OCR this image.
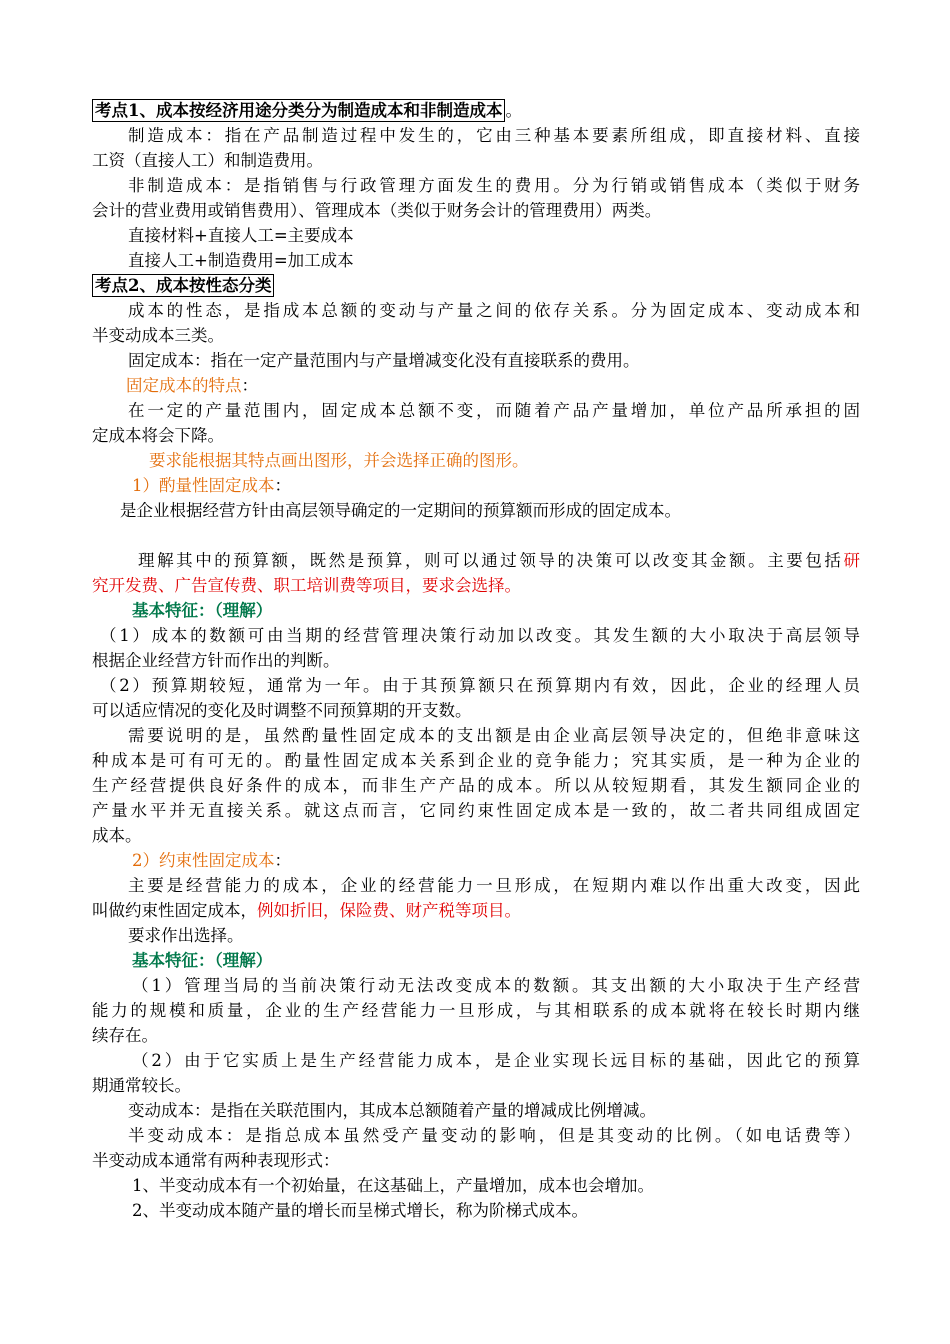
考点1、成本按经济用途分类分为制造成本和非制造成本 。
制造成本：指在产品制造过程中发生的，它由三种基本要素所组成，即直接材料、直接
工资（直接人工）和制造费用。
非制造成本：是指销售与行政管理方面发生的费用。分为行销或销售成本（类似于财务
会计的营业费用或销售费用）、管理成本（类似于财务会计的管理费用）两类。
直接材料+直接人工=主要成本
直接人工+制造费用=加工成本
考点2、成本按性态分类
成本的性态，是指成本总额的变动与产量之间的依存关系。分为固定成本、变动成本和
半变动成本三类。
固定成本：指在一定产量范围内与产量增减变化没有直接联系的费用。
固定成本的特点：
在一定的产量范围内，固定成本总额不变，而随着产品产量增加，单位产品所承担的固
定成本将会下降。
要求能根据其特点画出图形，并会选择正确的图形。
1）酌量性固定成本：
是企业根据经营方针由高层领导确定的一定期间的预算额而形成的固定成本。
理解其中的预算额，既然是预算，则可以通过领导的决策可以改变其金额。主要包括研
究开发费、广告宣传费、职工培训费等项目，要求会选择。
基本特征：（理解）
（1）成本的数额可由当期的经营管理决策行动加以改变。其发生额的大小取决于高层领导
根据企业经营方针而作出的判断。
（2）预算期较短，通常为一年。由于其预算额只在预算期内有效，因此，企业的经理人员
可以适应情况的变化及时调整不同预算期的开支数。
需要说明的是，虽然酌量性固定成本的支出额是由企业高层领导决定的，但绝非意味这
种成本是可有可无的。酌量性固定成本关系到企业的竞争能力；究其实质，是一种为企业的
生产经营提供良好条件的成本，而非生产产品的成本。所以从较短期看，其发生额同企业的
产量水平并无直接关系。就这点而言，它同约束性固定成本是一致的，故二者共同组成固定
成本。
2）约束性固定成本：
主要是经营能力的成本，企业的经营能力一旦形成，在短期内难以作出重大改变，因此
叫做约束性固定成本，例如折旧，保险费、财产税等项目。
要求作出选择。
基本特征：（理解）
（1）管理当局的当前决策行动无法改变成本的数额。其支出额的大小取决于生产经营
能力的规模和质量，企业的生产经营能力一旦形成，与其相联系的成本就将在较长时期内继
续存在。
（2）由于它实质上是生产经营能力成本，是企业实现长远目标的基础，因此它的预算
期通常较长。
变动成本：是指在关联范围内，其成本总额随着产量的增减成比例增减。
半变动成本：是指总成本虽然受产量变动的影响，但是其变动的比例。（如电话费等）
半变动成本通常有两种表现形式：
1、半变动成本有一个初始量，在这基础上，产量增加，成本也会增加。
2、半变动成本随产量的增长而呈梯式增长，称为阶梯式成本。
